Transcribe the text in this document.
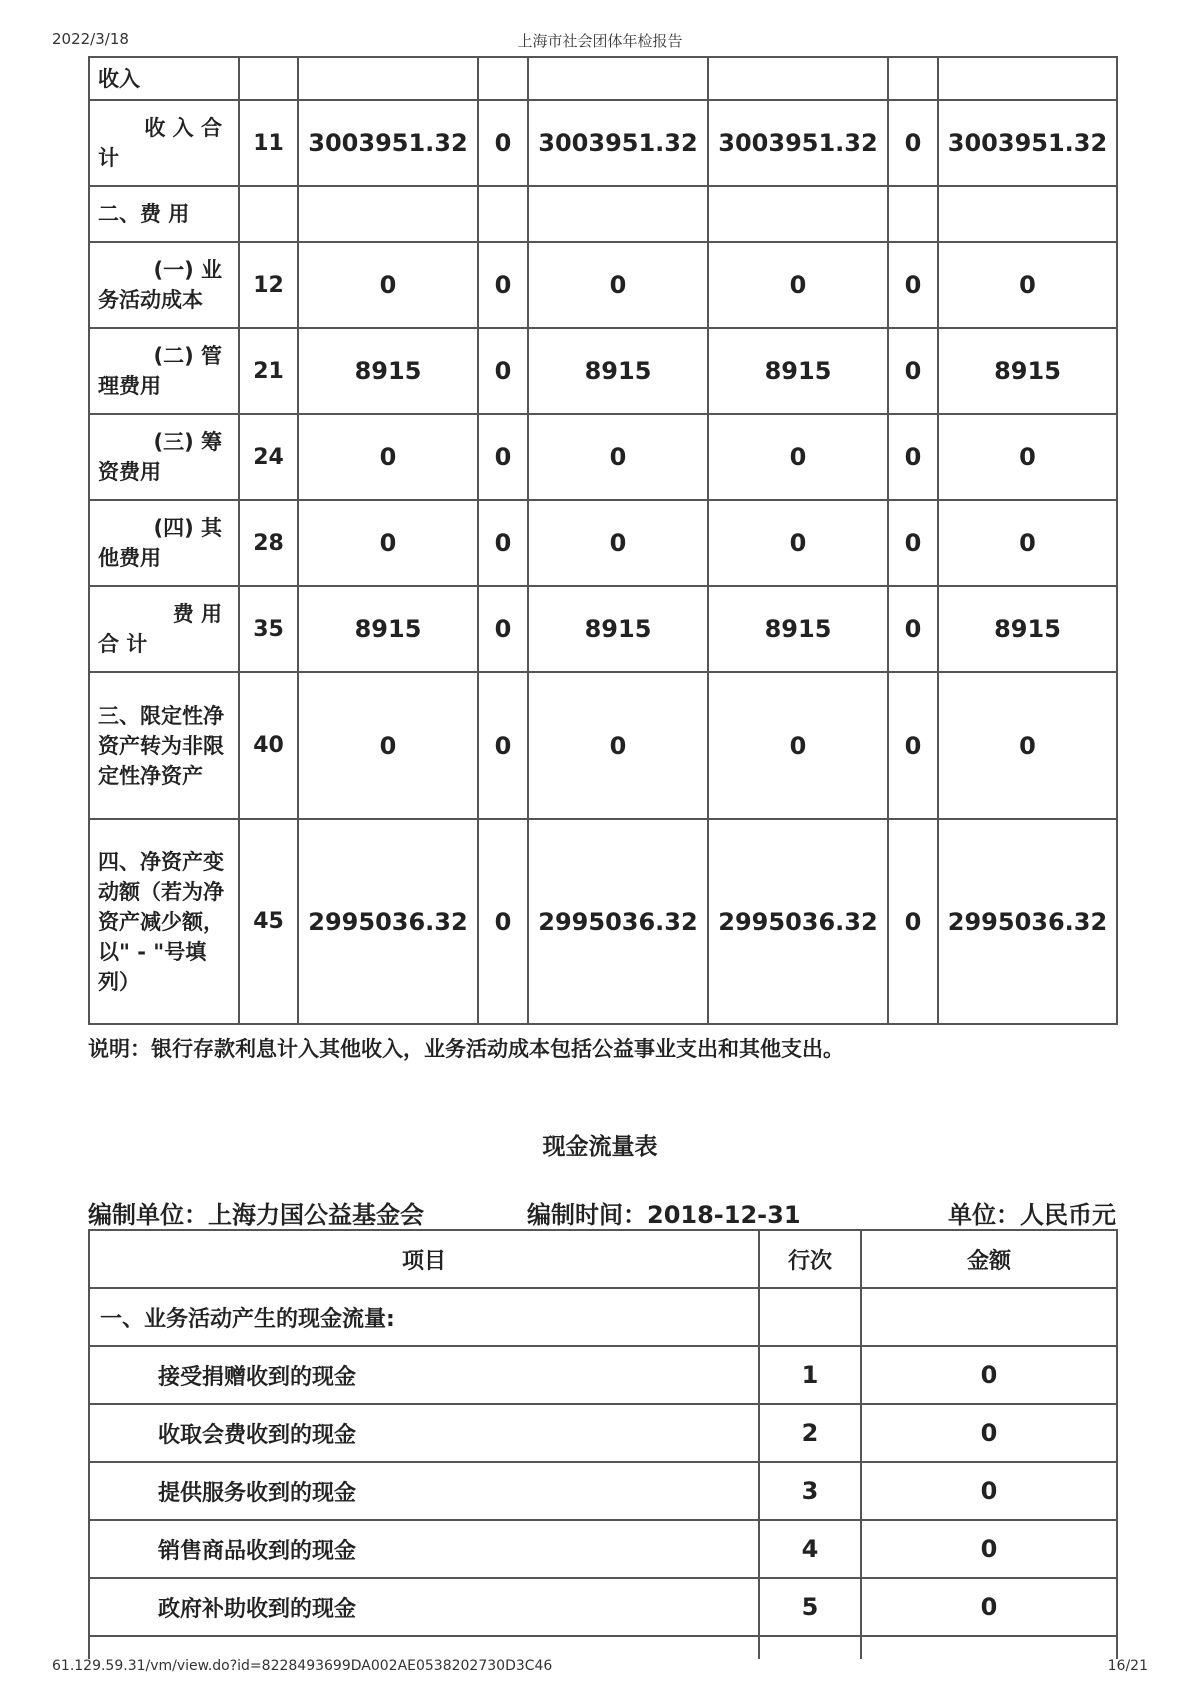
2022/3/18	上海市社会团体年检报告
收入							

收 入 合
计	11	3003951.32	0	3003951.32	3003951.32	0	3003951.32
二、费 用							

(一) 业
务活动成本	12	0	0	0	0	0	0

(二) 管
理费用	21	8915	0	8915	8915	0	8915

(三) 筹
资费用	24	0	0	0	0	0	0

(四) 其
他费用	28	0	0	0	0	0	0

费 用
合 计	35	8915	0	8915	8915	0	8915
三、限定性净资产转为非限定性净资产	40	0	0	0	0	0	0
四、净资产变动额（若为净资产减少额，以" - "号填列）	45	2995036.32	0	2995036.32	2995036.32	0	2995036.32
说明：银行存款利息计入其他收入，业务活动成本包括公益事业支出和其他支出。
现金流量表
编制单位：上海力国公益基金会	编制时间：2018-12-31	单位：人民币元
项目	行次	金额
一、业务活动产生的现金流量:		
接受捐赠收到的现金	1	0
收取会费收到的现金	2	0
提供服务收到的现金	3	0
销售商品收到的现金	4	0
政府补助收到的现金	5	0

61.129.59.31/vm/view.do?id=8228493699DA002AE0538202730D3C46	16/21
